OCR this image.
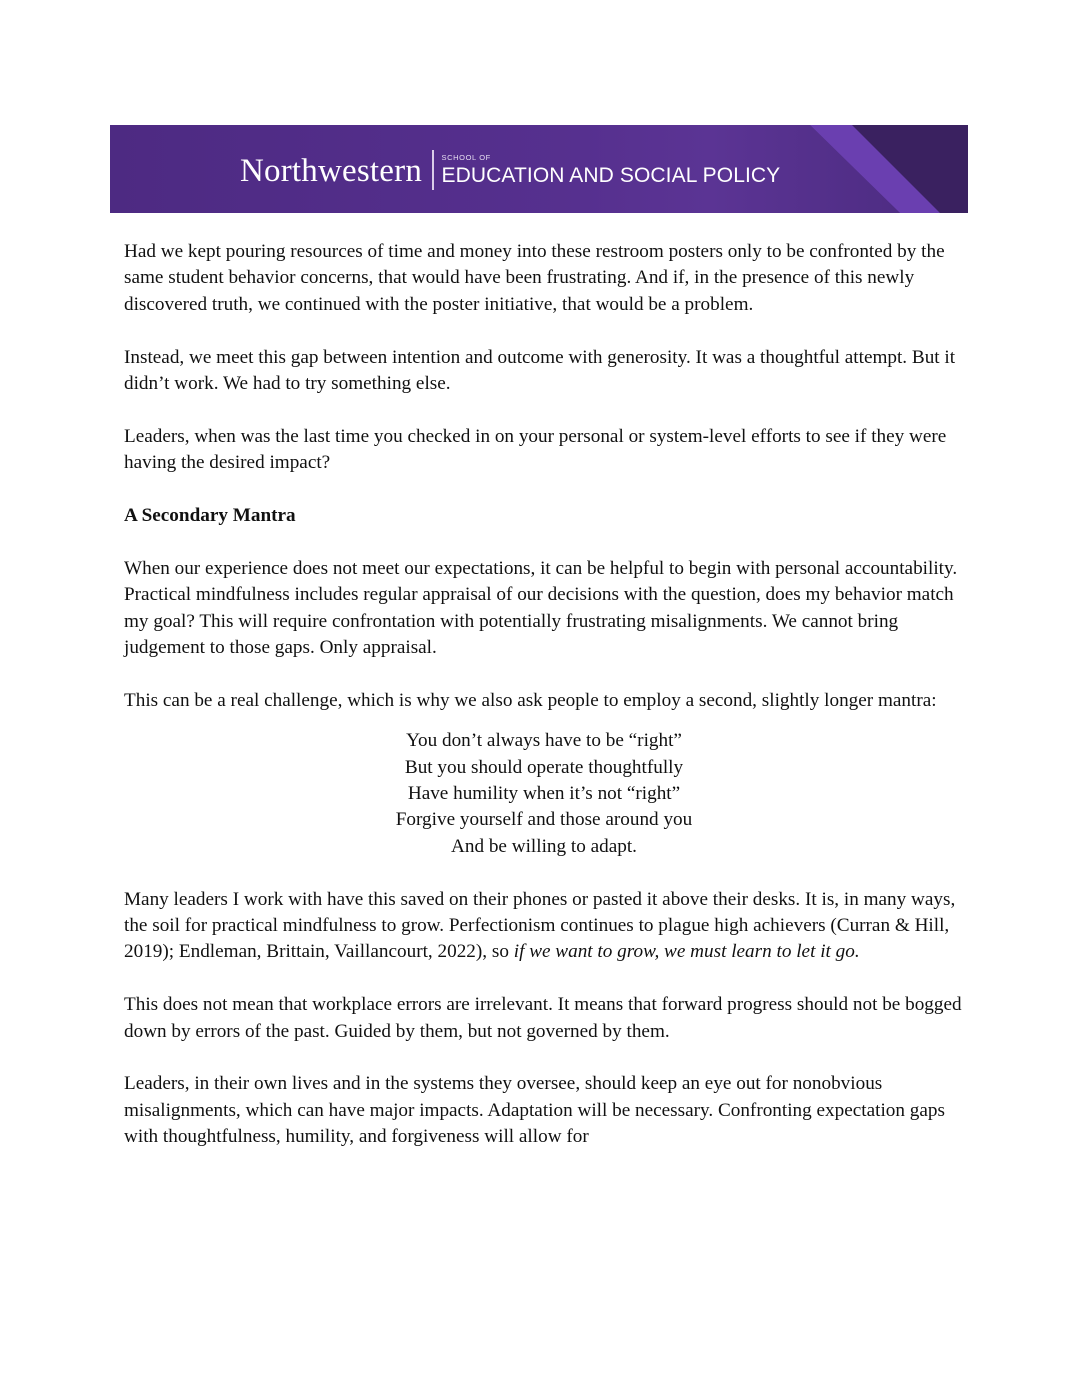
Northwestern	SCHOOL OF
EDUCATION AND SOCIAL POLICY

Had we kept pouring resources of time and money into these restroom posters only to be confronted by the same student behavior concerns, that would have been frustrating. And if, in the presence of this newly discovered truth, we continued with the poster initiative, that would be a problem.

Instead, we meet this gap between intention and outcome with generosity. It was a thoughtful attempt. But it didn’t work. We had to try something else.

Leaders, when was the last time you checked in on your personal or system-level efforts to see if they were having the desired impact?

A Secondary Mantra

When our experience does not meet our expectations, it can be helpful to begin with personal accountability. Practical mindfulness includes regular appraisal of our decisions with the question, does my behavior match my goal? This will require confrontation with potentially frustrating misalignments. We cannot bring judgement to those gaps. Only appraisal.

This can be a real challenge, which is why we also ask people to employ a second, slightly longer mantra:

You don’t always have to be “right”
But you should operate thoughtfully
Have humility when it’s not “right”
Forgive yourself and those around you
And be willing to adapt.

Many leaders I work with have this saved on their phones or pasted it above their desks. It is, in many ways, the soil for practical mindfulness to grow. Perfectionism continues to plague high achievers (Curran & Hill, 2019); Endleman, Brittain, Vaillancourt, 2022), so if we want to grow, we must learn to let it go.

This does not mean that workplace errors are irrelevant. It means that forward progress should not be bogged down by errors of the past. Guided by them, but not governed by them.

Leaders, in their own lives and in the systems they oversee, should keep an eye out for nonobvious misalignments, which can have major impacts. Adaptation will be necessary. Confronting expectation gaps with thoughtfulness, humility, and forgiveness will allow for
